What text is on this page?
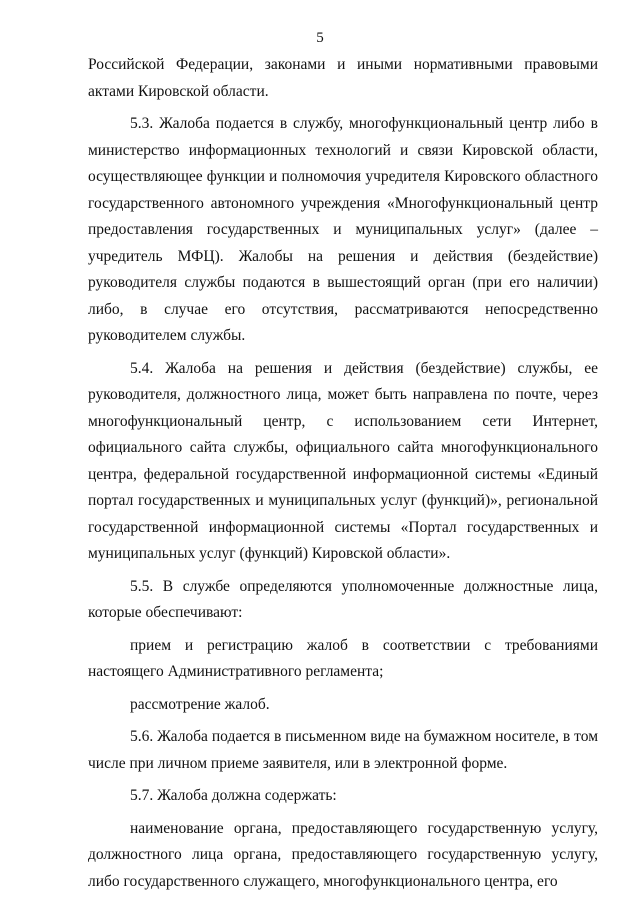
5

Российской Федерации, законами и иными нормативными правовыми актами Кировской области.

5.3. Жалоба подается в службу, многофункциональный центр либо в министерство информационных технологий и связи Кировской области, осуществляющее функции и полномочия учредителя Кировского областного государственного автономного учреждения «Многофункциональный центр предоставления государственных и муниципальных услуг» (далее – учредитель МФЦ). Жалобы на решения и действия (бездействие) руководителя службы подаются в вышестоящий орган (при его наличии) либо, в случае его отсутствия, рассматриваются непосредственно руководителем службы.

5.4. Жалоба на решения и действия (бездействие) службы, ее руководителя, должностного лица, может быть направлена по почте, через многофункциональный центр, с использованием сети Интернет, официального сайта службы, официального сайта многофункционального центра, федеральной государственной информационной системы «Единый портал государственных и муниципальных услуг (функций)», региональной государственной информационной системы «Портал государственных и муниципальных услуг (функций) Кировской области».

5.5. В службе определяются уполномоченные должностные лица, которые обеспечивают:

прием и регистрацию жалоб в соответствии с требованиями настоящего Административного регламента;

рассмотрение жалоб.

5.6. Жалоба подается в письменном виде на бумажном носителе, в том числе при личном приеме заявителя, или в электронной форме.

5.7. Жалоба должна содержать:

наименование органа, предоставляющего государственную услугу, должностного лица органа, предоставляющего государственную услугу, либо государственного служащего, многофункционального центра, его
